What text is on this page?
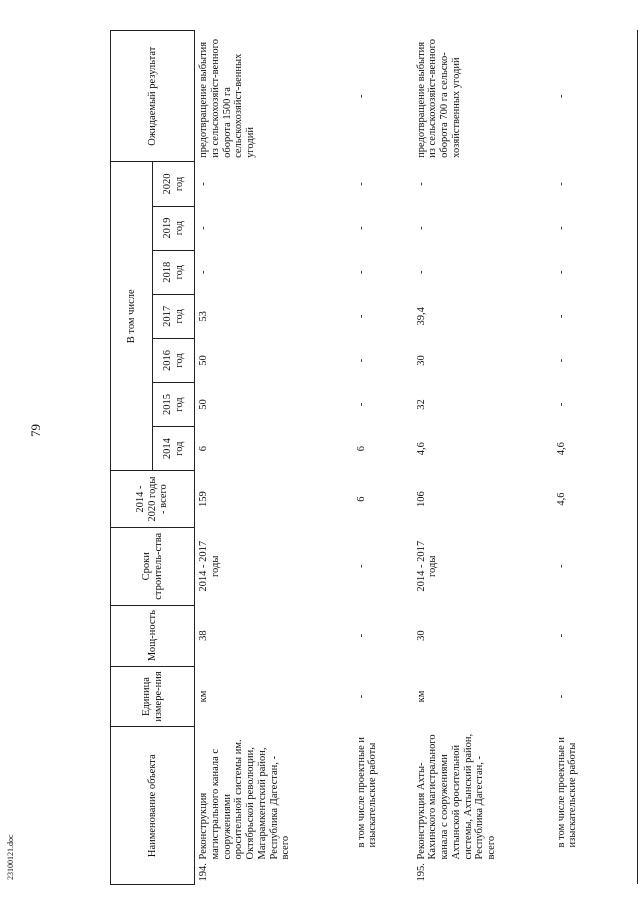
79
23100121.doc
Наименование объекта		Единица измере-ния	Мощ-ность	Сроки строитель-ства	2014 - 2020 годы - всего	В том числе							Ожидаемый результат
						2014 год	2015 год	2016 год	2017 год	2018 год	2019 год	2020 год	
194.	Реконструкция магистрального канала с сооружениями оросительной системы им. Октябрьской революции, Магарамкентский район, Республика Дагестан, - всего	км	38	2014 - 2017 годы	159	6	50	50	53	-	-	-	предотвращение выбытия из сельскохозяйст-венного оборота 1500 га сельскохозяйст-венных угодий
	в том числе проектные и изыскательские работы	-	-	-	6	6	-	-	-	-	-	-	-
195.	Реконструкция Ахты-Кахинского магистрального канала с сооружениями Ахтынской оросительной системы, Ахтынский район, Республика Дагестан, - всего	км	30	2014 - 2017 годы	106	4,6	32	30	39,4	-	-	-	предотвращение выбытия из сельскохозяйст-венного оборота 700 га сельско-хозяйственных угодий
	в том числе проектные и изыскательские работы	-	-	-	4,6	4,6	-	-	-	-	-	-	-
